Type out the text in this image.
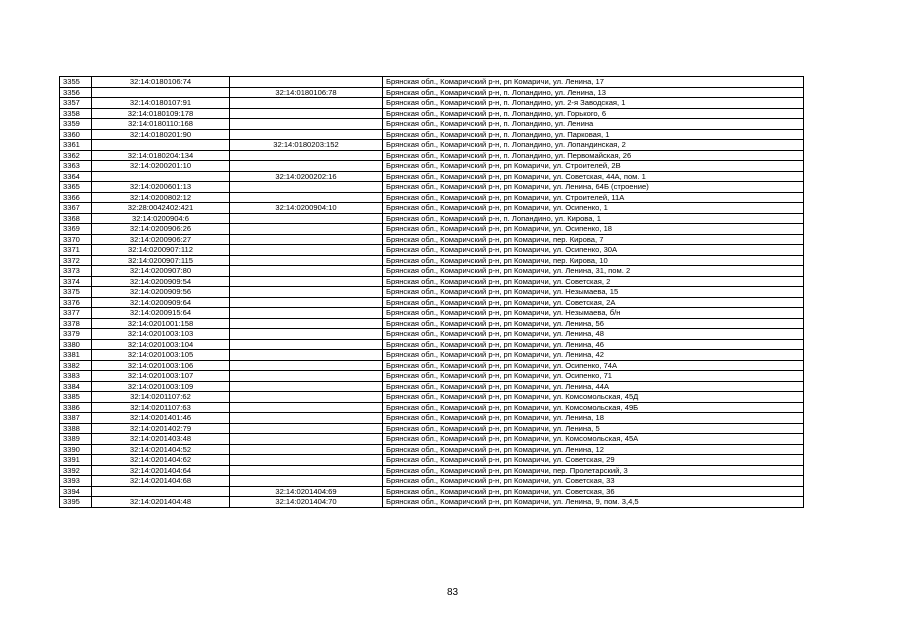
3355	32:14:0180106:74		Брянская обл., Комаричский р-н, рп Комаричи, ул. Ленина, 17
3356		32:14:0180106:78	Брянская обл., Комаричский р-н, п. Лопандино, ул. Ленина, 13
3357	32:14:0180107:91		Брянская обл., Комаричский р-н, п. Лопандино, ул. 2-я Заводская, 1
3358	32:14:0180109:178		Брянская обл., Комаричский р-н, п. Лопандино, ул. Горького, 6
3359	32:14:0180110:168		Брянская обл., Комаричский р-н, п. Лопандино, ул. Ленина
3360	32:14:0180201:90		Брянская обл., Комаричский р-н, п. Лопандино, ул. Парковая, 1
3361		32:14:0180203:152	Брянская обл., Комаричский р-н, п. Лопандино, ул. Лопандинская, 2
3362	32:14:0180204:134		Брянская обл., Комаричский р-н, п. Лопандино, ул. Первомайская, 26
3363	32:14:0200201:10		Брянская обл., Комаричский р-н, рп Комаричи, ул. Строителей, 2В
3364		32:14:0200202:16	Брянская обл., Комаричский р-н, рп Комаричи, ул. Советская, 44А, пом. 1
3365	32:14:0200601:13		Брянская обл., Комаричский р-н, рп Комаричи, ул. Ленина, 64Б (строение)
3366	32:14:0200802:12		Брянская обл., Комаричский р-н, рп Комаричи, ул. Строителей, 11А
3367	32:28:0042402:421	32:14:0200904:10	Брянская обл., Комаричский р-н, рп Комаричи, ул. Осипенко, 1
3368	32:14:0200904:6		Брянская обл., Комаричский р-н, п. Лопандино, ул. Кирова, 1
3369	32:14:0200906:26		Брянская обл., Комаричский р-н, рп Комаричи, ул. Осипенко, 18
3370	32:14:0200906:27		Брянская обл., Комаричский р-н, рп Комаричи, пер. Кирова, 7
3371	32:14:0200907:112		Брянская обл., Комаричский р-н, рп Комаричи, ул. Осипенко, 30А
3372	32:14:0200907:115		Брянская обл., Комаричский р-н, рп Комаричи, пер. Кирова, 10
3373	32:14:0200907:80		Брянская обл., Комаричский р-н, рп Комаричи, ул. Ленина, 31, пом. 2
3374	32:14:0200909:54		Брянская обл., Комаричский р-н, рп Комаричи, ул. Советская, 2
3375	32:14:0200909:56		Брянская обл., Комаричский р-н, рп Комаричи, ул. Незымаева, 15
3376	32:14:0200909:64		Брянская обл., Комаричский р-н, рп Комаричи, ул. Советская, 2А
3377	32:14:0200915:64		Брянская обл., Комаричский р-н, рп Комаричи, ул. Незымаева, б/н
3378	32:14:0201001:158		Брянская обл., Комаричский р-н, рп Комаричи, ул. Ленина, 56
3379	32:14:0201003:103		Брянская обл., Комаричский р-н, рп Комаричи, ул. Ленина, 48
3380	32:14:0201003:104		Брянская обл., Комаричский р-н, рп Комаричи, ул. Ленина, 46
3381	32:14:0201003:105		Брянская обл., Комаричский р-н, рп Комаричи, ул. Ленина, 42
3382	32:14:0201003:106		Брянская обл., Комаричский р-н, рп Комаричи, ул. Осипенко, 74А
3383	32:14:0201003:107		Брянская обл., Комаричский р-н, рп Комаричи, ул. Осипенко, 71
3384	32:14:0201003:109		Брянская обл., Комаричский р-н, рп Комаричи, ул. Ленина, 44А
3385	32:14:0201107:62		Брянская обл., Комаричский р-н, рп Комаричи, ул. Комсомольская, 45Д
3386	32:14:0201107:63		Брянская обл., Комаричский р-н, рп Комаричи, ул. Комсомольская, 49Б
3387	32:14:0201401:46		Брянская обл., Комаричский р-н, рп Комаричи, ул. Ленина, 18
3388	32:14:0201402:79		Брянская обл., Комаричский р-н, рп Комаричи, ул. Ленина, 5
3389	32:14:0201403:48		Брянская обл., Комаричский р-н, рп Комаричи, ул. Комсомольская, 45А
3390	32:14:0201404:52		Брянская обл., Комаричский р-н, рп Комаричи, ул. Ленина, 12
3391	32:14:0201404:62		Брянская обл., Комаричский р-н, рп Комаричи, ул. Советская, 29
3392	32:14:0201404:64		Брянская обл., Комаричский р-н, рп Комаричи, пер. Пролетарский, 3
3393	32:14:0201404:68		Брянская обл., Комаричский р-н, рп Комаричи, ул. Советская, 33
3394		32:14:0201404:69	Брянская обл., Комаричский р-н, рп Комаричи, ул. Советская, 36
3395	32:14:0201404:48	32:14:0201404:70	Брянская обл., Комаричский р-н, рп Комаричи, ул. Ленина, 9, пом. 3,4,5
83
